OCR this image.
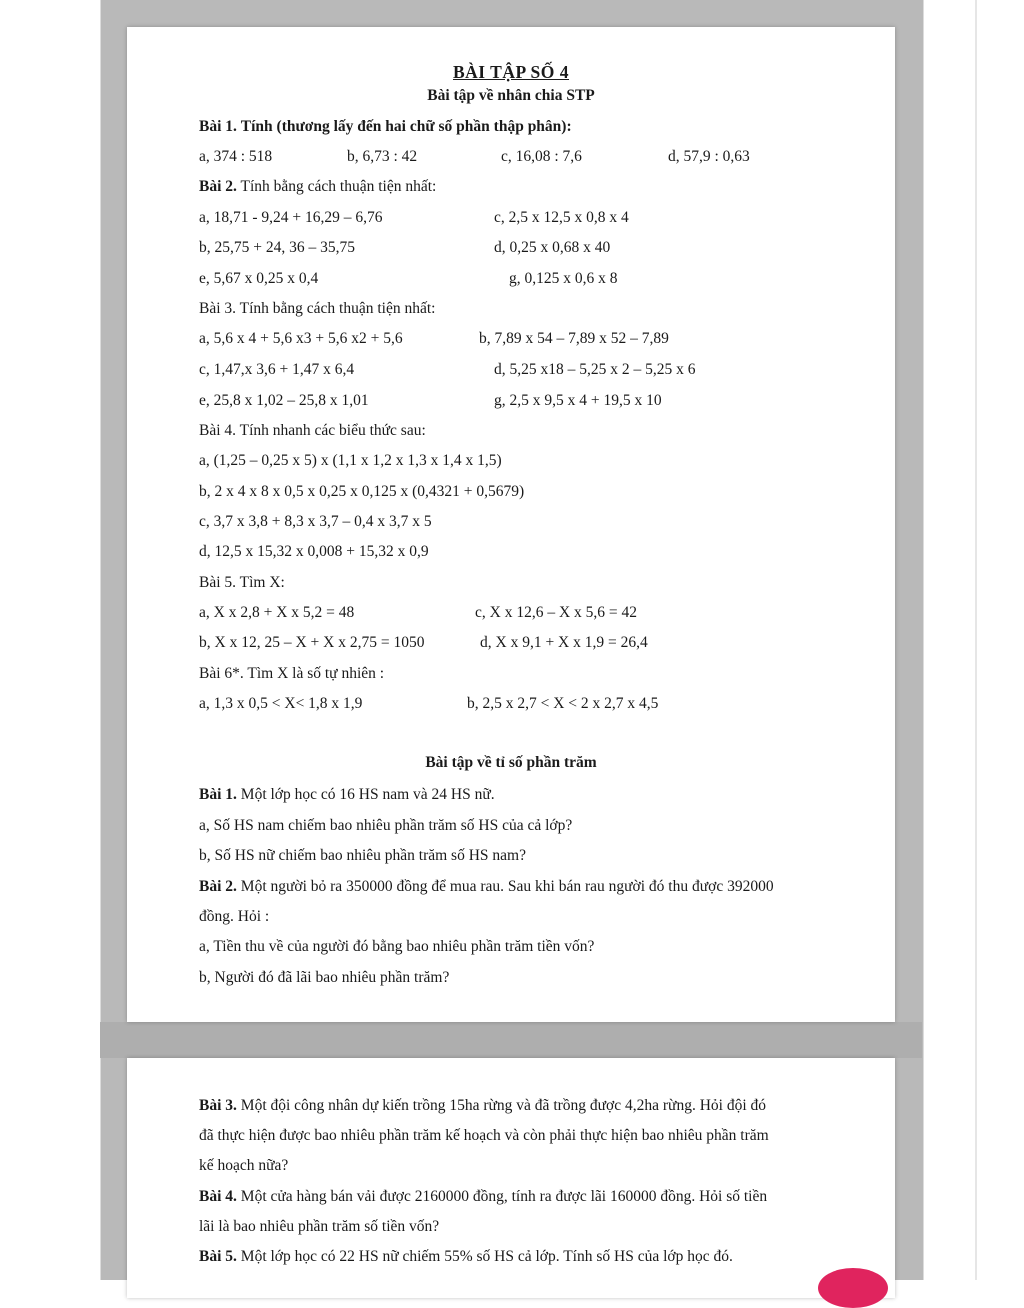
BÀI TẬP SỐ 4
Bài tập về nhân chia STP
Bài 1. Tính (thương lấy đến hai chữ số phần thập phân):
a, 374 : 518	b, 6,73 : 42	c, 16,08 : 7,6	d, 57,9 : 0,63
Bài 2. Tính bằng cách thuận tiện nhất:
a, 18,71 - 9,24 + 16,29 – 6,76	c, 2,5 x 12,5 x 0,8 x 4
b, 25,75 + 24, 36 – 35,75	d, 0,25 x 0,68 x 40
e, 5,67 x 0,25 x 0,4	g, 0,125 x 0,6 x 8
Bài 3. Tính bằng cách thuận tiện nhất:
a, 5,6 x 4 + 5,6 x3 + 5,6 x2 + 5,6	b, 7,89 x 54 – 7,89 x 52 – 7,89
c, 1,47,x 3,6 + 1,47 x 6,4	d, 5,25 x18 – 5,25 x 2 – 5,25 x 6
e, 25,8 x 1,02 – 25,8 x 1,01	g, 2,5 x 9,5 x 4 + 19,5 x 10
Bài 4. Tính nhanh các biểu thức sau:
a, (1,25 – 0,25 x 5) x (1,1 x 1,2 x 1,3 x 1,4 x 1,5)
b, 2 x 4 x 8 x 0,5 x 0,25 x 0,125 x (0,4321 + 0,5679)
c, 3,7 x 3,8 + 8,3 x 3,7 – 0,4 x 3,7 x 5
d, 12,5 x 15,32 x 0,008 + 15,32 x 0,9
Bài 5. Tìm X:
a, X x 2,8 + X x 5,2 = 48	c, X x 12,6 – X x 5,6 = 42
b, X x 12, 25 – X + X x 2,75 = 1050	d, X x 9,1 + X x 1,9 = 26,4
Bài 6*. Tìm X là số tự nhiên :
a, 1,3 x 0,5 < X< 1,8 x 1,9	b, 2,5 x 2,7 < X < 2 x 2,7 x 4,5
Bài tập về tỉ số phần trăm
Bài 1. Một lớp học có 16 HS nam và 24 HS nữ.
a, Số HS nam chiếm bao nhiêu phần trăm số HS của cả lớp?
b, Số HS nữ chiếm bao nhiêu phần trăm số HS nam?
Bài 2. Một người bỏ ra 350000 đồng để mua rau. Sau khi bán rau người đó thu được 392000
đồng. Hỏi :
a, Tiền thu về của người đó bằng bao nhiêu phần trăm tiền vốn?
b, Người đó đã lãi bao nhiêu phần trăm?
Bài 3. Một đội công nhân dự kiến trồng 15ha rừng và đã trồng được 4,2ha rừng. Hỏi đội đó
đã thực hiện được bao nhiêu phần trăm kế hoạch và còn phải thực hiện bao nhiêu phần trăm
kế hoạch nữa?
Bài 4. Một cửa hàng bán vải được 2160000 đồng, tính ra được lãi 160000 đồng. Hỏi số tiền
lãi là bao nhiêu phần trăm số tiền vốn?
Bài 5. Một lớp học có 22 HS nữ chiếm 55% số HS cả lớp. Tính số HS của lớp học đó.
